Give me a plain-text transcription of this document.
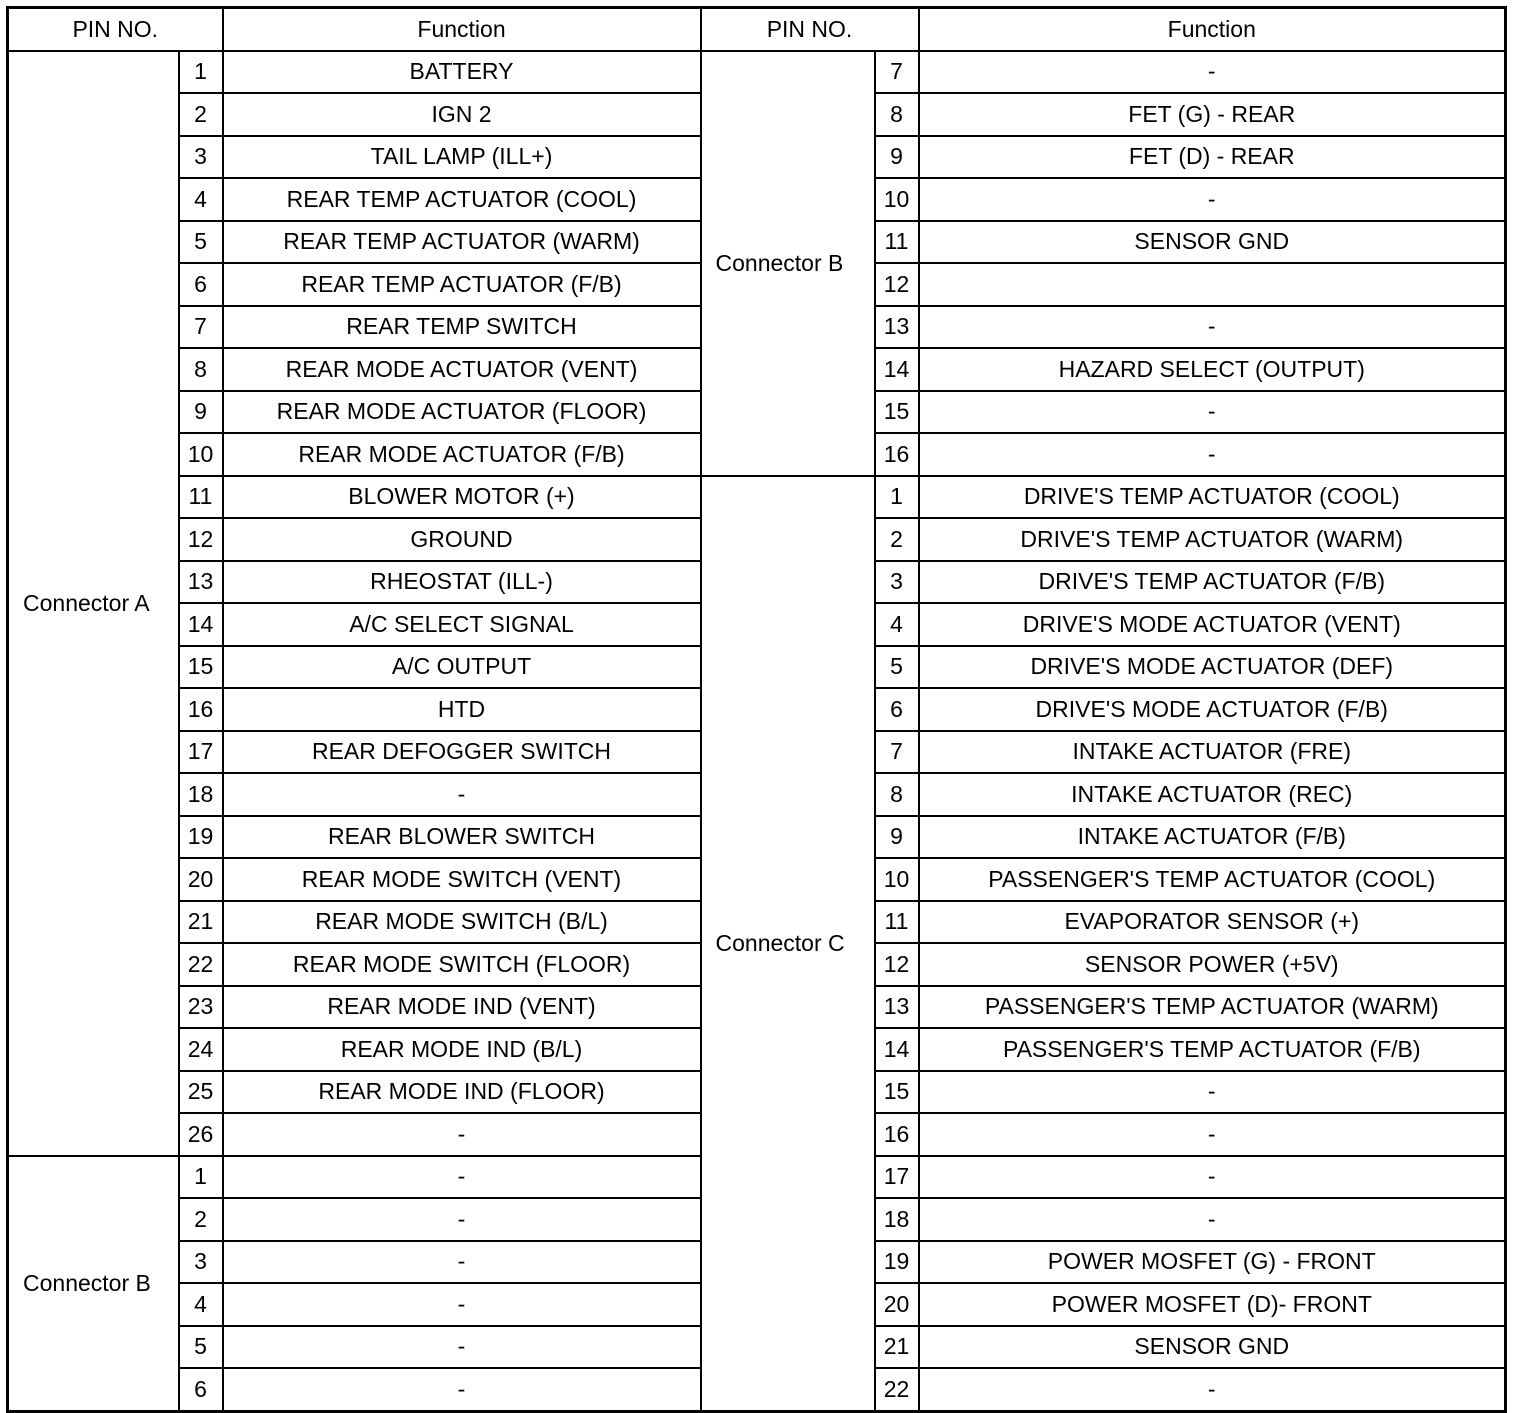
PIN NO.		Function	PIN NO.		Function
Connector A	1	BATTERY	Connector B	7	-
	2	IGN 2		8	FET (G) - REAR
	3	TAIL LAMP (ILL+)		9	FET (D) - REAR
	4	REAR TEMP ACTUATOR (COOL)		10	-
	5	REAR TEMP ACTUATOR (WARM)		11	SENSOR GND
	6	REAR TEMP ACTUATOR (F/B)		12	
	7	REAR TEMP SWITCH		13	-
	8	REAR MODE ACTUATOR (VENT)		14	HAZARD SELECT (OUTPUT)
	9	REAR MODE ACTUATOR (FLOOR)		15	-
	10	REAR MODE ACTUATOR (F/B)		16	-
	11	BLOWER MOTOR (+)	Connector C	1	DRIVE'S TEMP ACTUATOR (COOL)
	12	GROUND		2	DRIVE'S TEMP ACTUATOR (WARM)
	13	RHEOSTAT (ILL-)		3	DRIVE'S TEMP ACTUATOR (F/B)
	14	A/C SELECT SIGNAL		4	DRIVE'S MODE ACTUATOR (VENT)
	15	A/C OUTPUT		5	DRIVE'S MODE ACTUATOR (DEF)
	16	HTD		6	DRIVE'S MODE ACTUATOR (F/B)
	17	REAR DEFOGGER SWITCH		7	INTAKE ACTUATOR (FRE)
	18	-		8	INTAKE ACTUATOR (REC)
	19	REAR BLOWER SWITCH		9	INTAKE ACTUATOR (F/B)
	20	REAR MODE SWITCH (VENT)		10	PASSENGER'S TEMP ACTUATOR (COOL)
	21	REAR MODE SWITCH (B/L)		11	EVAPORATOR SENSOR (+)
	22	REAR MODE SWITCH (FLOOR)		12	SENSOR POWER (+5V)
	23	REAR MODE IND (VENT)		13	PASSENGER'S TEMP ACTUATOR (WARM)
	24	REAR MODE IND (B/L)		14	PASSENGER'S TEMP ACTUATOR (F/B)
	25	REAR MODE IND (FLOOR)		15	-
	26	-		16	-
Connector B	1	-		17	-
	2	-		18	-
	3	-		19	POWER MOSFET (G) - FRONT
	4	-		20	POWER MOSFET (D)- FRONT
	5	-		21	SENSOR GND
	6	-		22	-
